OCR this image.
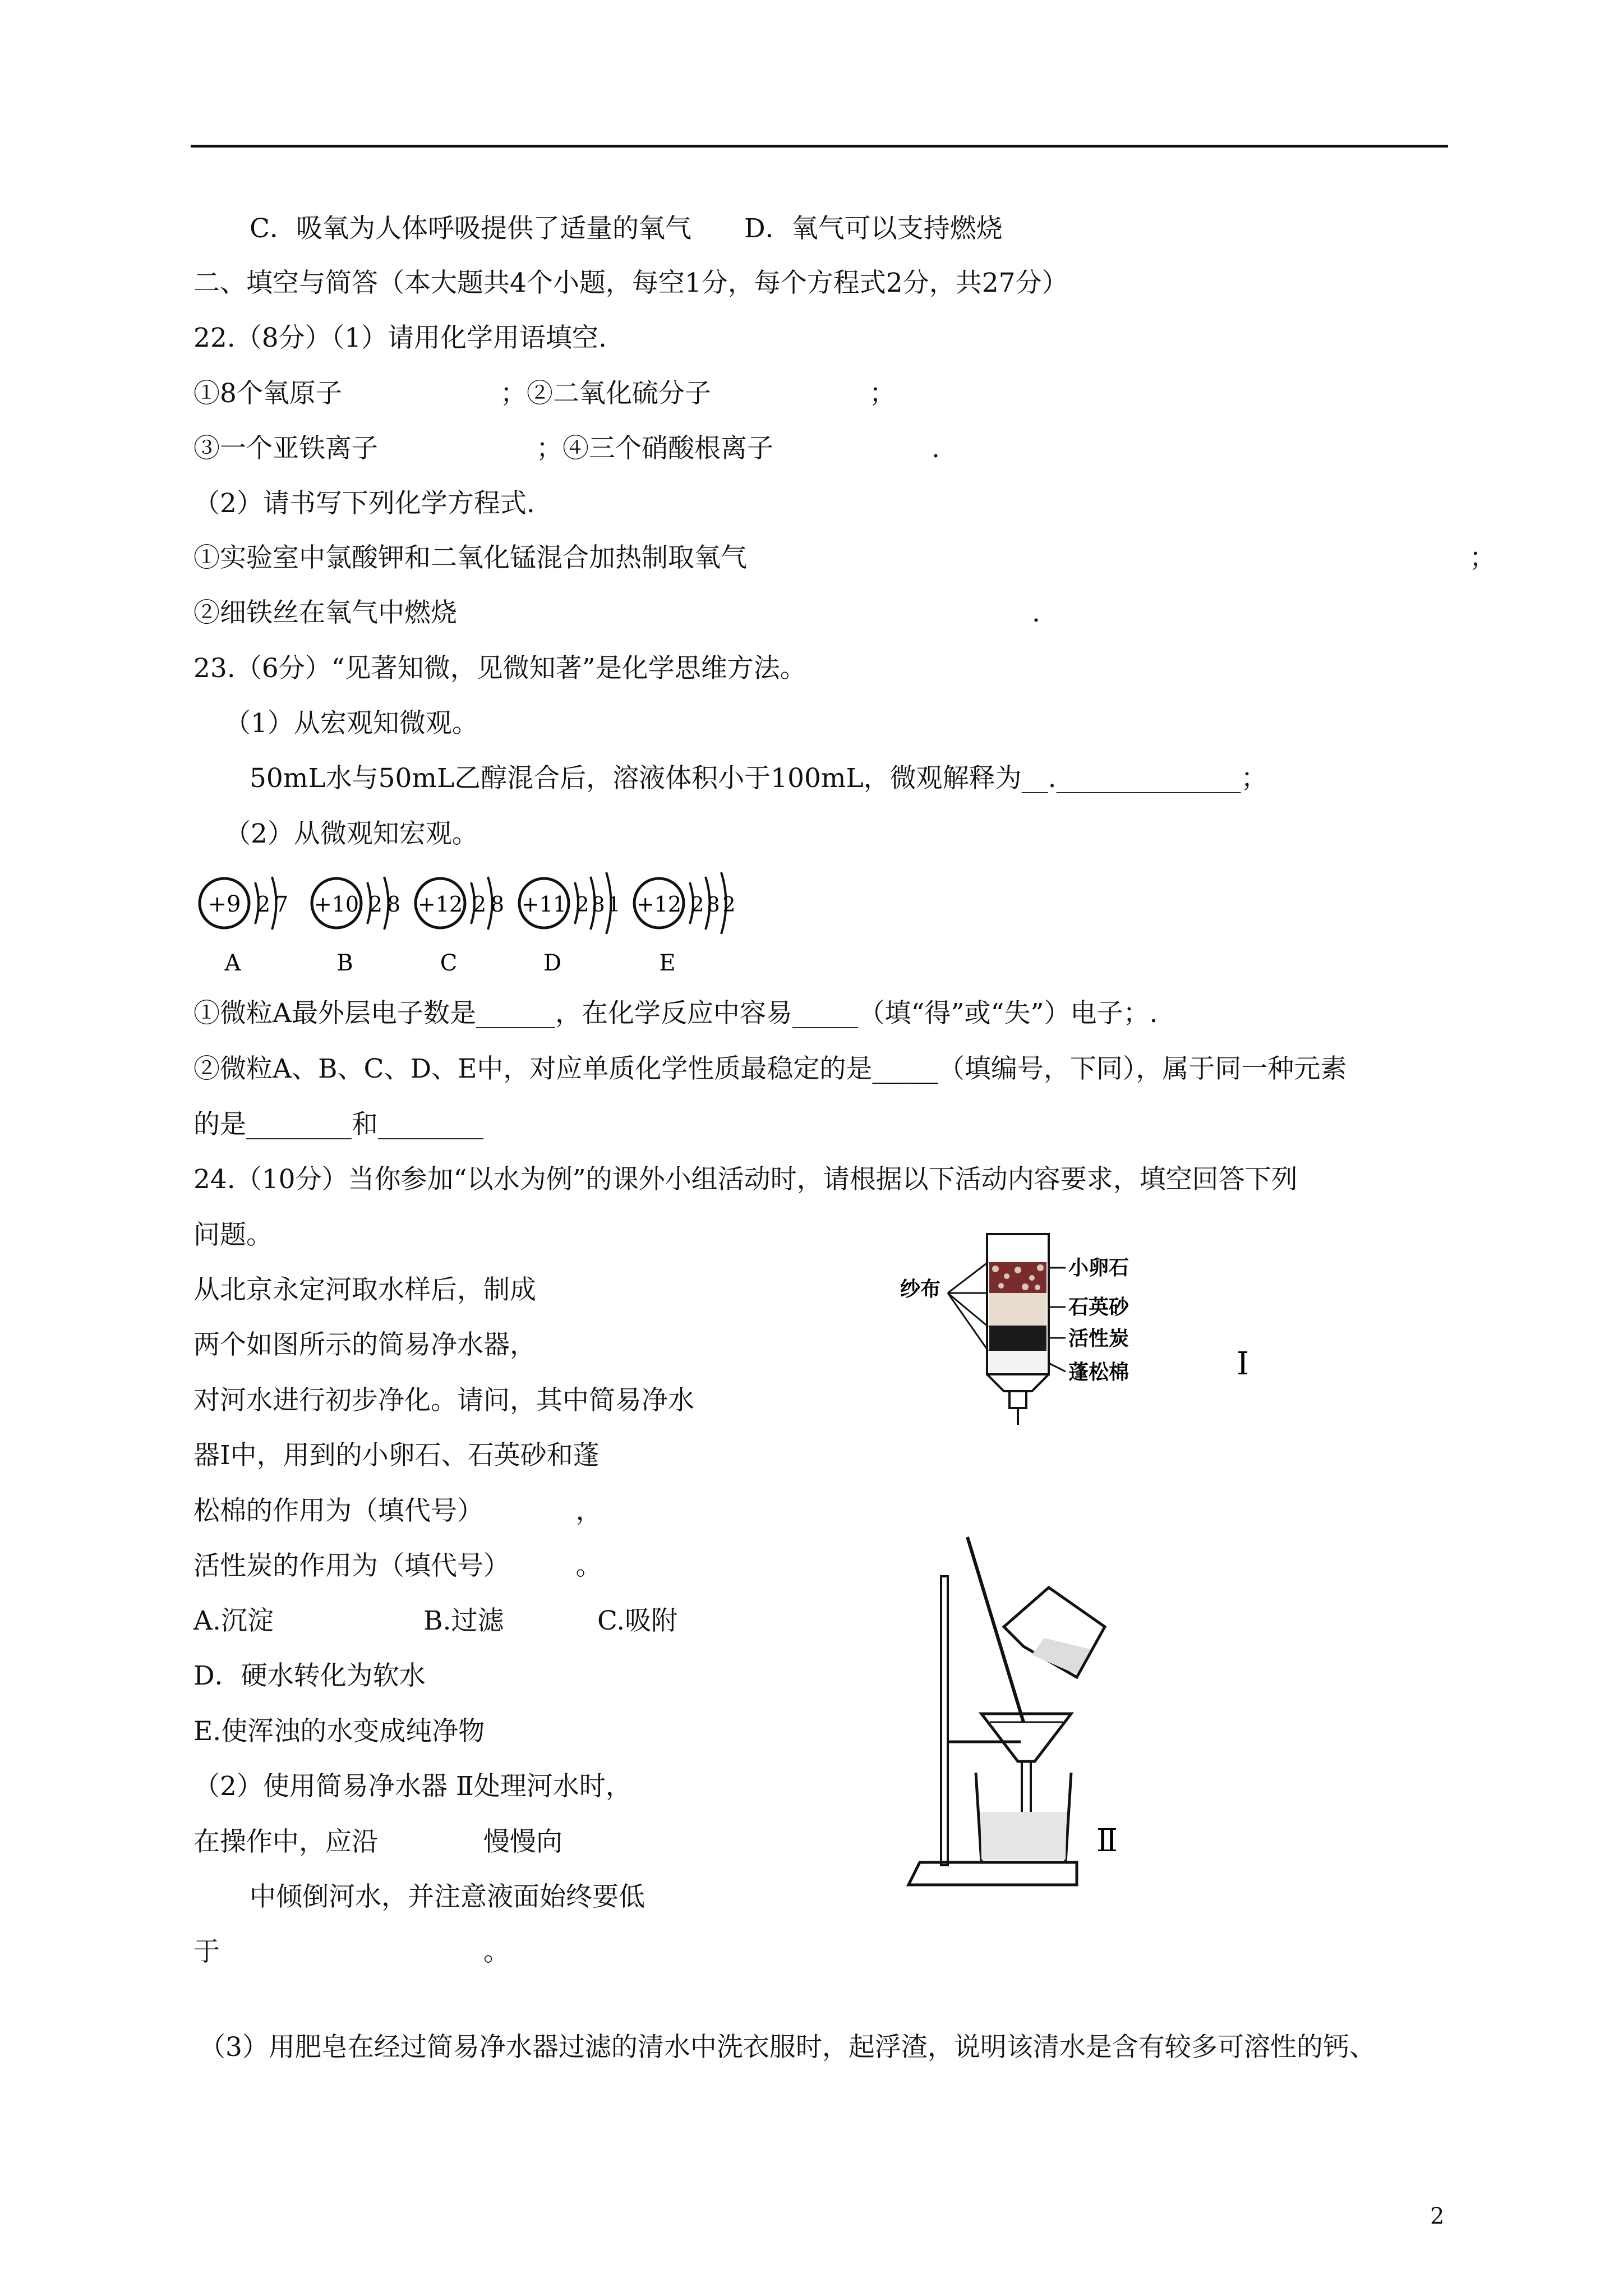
C．吸氧为人体呼吸提供了适量的氧气　　D．氧气可以支持燃烧
二、填空与简答（本大题共4个小题，每空1分，每个方程式2分，共27分）
22.（8分）（1）请用化学用语填空.
①8个氧原子　　　　　　；②二氧化硫分子　　　　　　；
③一个亚铁离子　　　　　　；④三个硝酸根离子　　　　　　.
（2）请书写下列化学方程式.
①实验室中氯酸钾和二氧化锰混合加热制取氧气	；
②细铁丝在氧气中燃烧	.
23.（6分）“见著知微，见微知著”是化学思维方法。
（1）从宏观知微观。
50mL水与50mL乙醇混合后，溶液体积小于100mL，微观解释为__.______________；
（2）从微观知宏观。
+9 2 7
A
+10 2 8
B
+12 2 8
C
+11 2 8 1
D
+12 2 8 2
E
①微粒A最外层电子数是______，在化学反应中容易_____（填“得”或“失”）电子；.
②微粒A、B、C、D、E中，对应单质化学性质最稳定的是_____（填编号，下同），属于同一种元素
的是________和________
24.（10分）当你参加“以水为例”的课外小组活动时，请根据以下活动内容要求，填空回答下列
问题。
从北京永定河取水样后，制成
两个如图所示的简易净水器，
对河水进行初步净化。请问，其中简易净水
器Ⅰ中，用到的小卵石、石英砂和蓬
松棉的作用为（填代号）　　　　，
活性炭的作用为（填代号）　　　。
A.沉淀	B.过滤	C.吸附
D．硬水转化为软水
E.使浑浊的水变成纯净物
（2）使用简易净水器 Ⅱ处理河水时，
在操作中，应沿　　　　慢慢向
中倾倒河水，并注意液面始终要低
于　　　　　　　　　　。
（3）用肥皂在经过简易净水器过滤的清水中洗衣服时，起浮渣，说明该清水是含有较多可溶性的钙、
纱布
小卵石
石英砂
活性炭
蓬松棉	Ⅰ
Ⅱ
2
